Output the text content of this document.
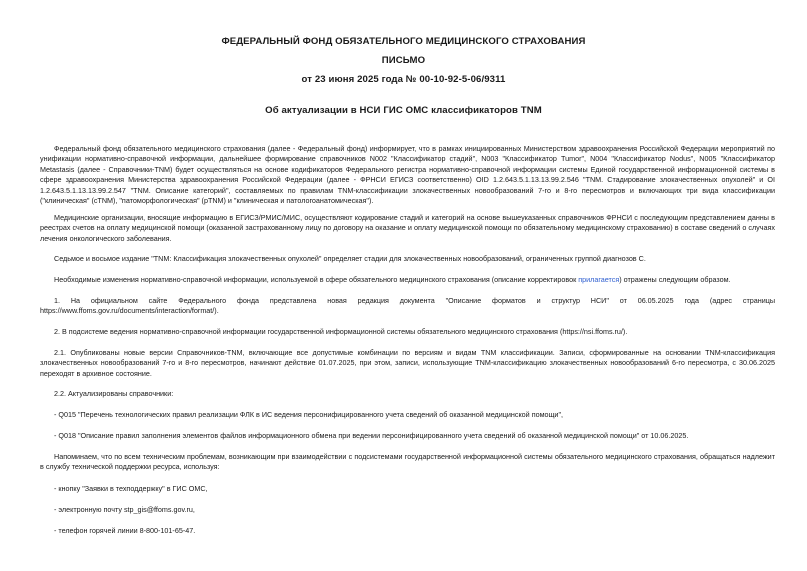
ФЕДЕРАЛЬНЫЙ ФОНД ОБЯЗАТЕЛЬНОГО МЕДИЦИНСКОГО СТРАХОВАНИЯ
ПИСЬМО
от 23 июня 2025 года № 00-10-92-5-06/9311
Об актуализации в НСИ ГИС ОМС классификаторов TNM
Федеральный фонд обязательного медицинского страхования (далее - Федеральный фонд) информирует, что в рамках инициированных Министерством здравоохранения Российской Федерации мероприятий по унификации нормативно-справочной информации, дальнейшее формирование справочников N002 "Классификатор стадий", N003 "Классификатор Tumor", N004 "Классификатор Nodus", N005 "Классификатор Metastasis (далее - Справочники-TNM) будет осуществляться на основе кодификаторов Федерального регистра нормативно-справочной информации системы Единой государственной информационной системы в сфере здравоохранения Министерства здравоохранения Российской Федерации (далее - ФРНСИ ЕГИСЗ соответственно) OID 1.2.643.5.1.13.13.99.2.546 "TNM. Стадирование злокачественных опухолей" и OI 1.2.643.5.1.13.13.99.2.547 "TNM. Описание категорий", составляемых по правилам TNM-классификации злокачественных новообразований 7-го и 8-го пересмотров и включающих три вида классификации ("клиническая" (cTNM), "патоморфологическая" (pTNM) и "клиническая и патологоанатомическая").
Медицинские организации, вносящие информацию в ЕГИСЗ/РМИС/МИС, осуществляют кодирование стадий и категорий на основе вышеуказанных справочников ФРНСИ с последующим представлением данны в реестрах счетов на оплату медицинской помощи (оказанной застрахованному лицу по договору на оказание и оплату медицинской помощи по обязательному медицинскому страхованию) в составе сведений о случаях лечения онкологического заболевания.
Седьмое и восьмое издание "TNM: Классификация злокачественных опухолей" определяет стадии для злокачественных новообразований, ограниченных группой диагнозов С.
Необходимые изменения нормативно-справочной информации, используемой в сфере обязательного медицинского страхования (описание корректировок прилагается) отражены следующим образом.
1. На официальном сайте Федерального фонда представлена новая редакция документа "Описание форматов и структур НСИ" от 06.05.2025 года (адрес страницы https://www.ffoms.gov.ru/documents/interaction/format/).
2. В подсистеме ведения нормативно-справочной информации государственной информационной системы обязательного медицинского страхования (https://nsi.ffoms.ru/).
2.1. Опубликованы новые версии Справочников-TNM, включающие все допустимые комбинации по версиям и видам TNM классификации. Записи, сформированные на основании TNM-классификация злокачественных новообразований 7-го и 8-го пересмотров, начинают действие 01.07.2025, при этом, записи, использующие TNM-классификацию злокачественных новообразований 6-го пересмотра, с 30.06.2025 переходят в архивное состояние.
2.2. Актуализированы справочники:
- Q015 "Перечень технологических правил реализации ФЛК в ИС ведения персонифицированного учета сведений об оказанной медицинской помощи",
- Q018 "Описание правил заполнения элементов файлов информационного обмена при ведении персонифицированного учета сведений об оказанной медицинской помощи" от 10.06.2025.
Напоминаем, что по всем техническим проблемам, возникающим при взаимодействии с подсистемами государственной информационной системы обязательного медицинского страхования, обращаться надлежит в службу технической поддержки ресурса, используя:
- кнопку "Заявки в техподдержку" в ГИС ОМС,
- электронную почту stp_gis@ffoms.gov.ru,
- телефон горячей линии 8-800-101-65-47.
